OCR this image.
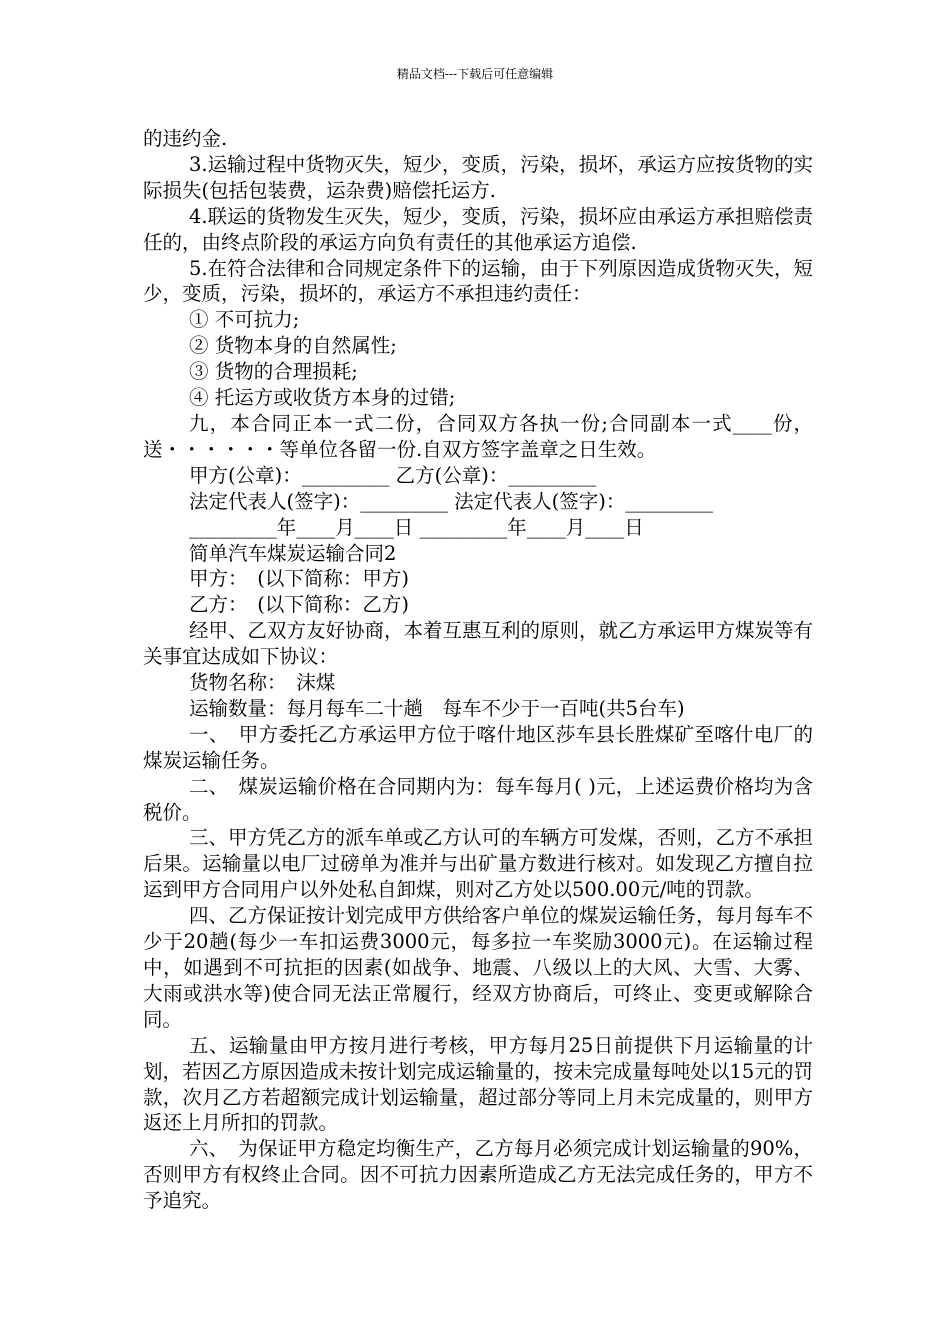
精品文档---下载后可任意编辑

的违约金.

3.运输过程中货物灭失，短少，变质，污染，损坏，承运方应按货物的实际损失(包括包装费，运杂费)赔偿托运方.

4.联运的货物发生灭失，短少，变质，污染，损坏应由承运方承担赔偿责任的，由终点阶段的承运方向负有责任的其他承运方追偿.

5.在符合法律和合同规定条件下的运输，由于下列原因造成货物灭失，短少，变质，污染，损坏的，承运方不承担违约责任：

① 不可抗力;

② 货物本身的自然属性;

③ 货物的合理损耗;

④ 托运方或收货方本身的过错;

九，本合同正本一式二份，合同双方各执一份;合同副本一式____份，送・・・・・・等单位各留一份.自双方签字盖章之日生效。

甲方(公章)：_________ 乙方(公章)：_________

法定代表人(签字)：_________ 法定代表人(签字)：_________

_________年____月____日 _________年____月____日

简单汽车煤炭运输合同2

甲方：　(以下简称：甲方)

乙方：　(以下简称：乙方)

经甲、乙双方友好协商，本着互惠互利的原则，就乙方承运甲方煤炭等有关事宜达成如下协议：

货物名称：　沫煤

运输数量：每月每车二十趟　每车不少于一百吨(共5台车)

一、　甲方委托乙方承运甲方位于喀什地区莎车县长胜煤矿至喀什电厂的煤炭运输任务。

二、　煤炭运输价格在合同期内为：每车每月( )元，上述运费价格均为含税价。

三、甲方凭乙方的派车单或乙方认可的车辆方可发煤，否则，乙方不承担后果。运输量以电厂过磅单为准并与出矿量方数进行核对。如发现乙方擅自拉运到甲方合同用户以外处私自卸煤，则对乙方处以500.00元/吨的罚款。

四、乙方保证按计划完成甲方供给客户单位的煤炭运输任务，每月每车不少于20趟(每少一车扣运费3000元，每多拉一车奖励3000元)。在运输过程中，如遇到不可抗拒的因素(如战争、地震、八级以上的大风、大雪、大雾、大雨或洪水等)使合同无法正常履行，经双方协商后，可终止、变更或解除合同。

五、运输量由甲方按月进行考核，甲方每月25日前提供下月运输量的计划，若因乙方原因造成未按计划完成运输量的，按未完成量每吨处以15元的罚款，次月乙方若超额完成计划运输量，超过部分等同上月未完成量的，则甲方返还上月所扣的罚款。

六、　为保证甲方稳定均衡生产，乙方每月必须完成计划运输量的90%，否则甲方有权终止合同。因不可抗力因素所造成乙方无法完成任务的，甲方不予追究。
